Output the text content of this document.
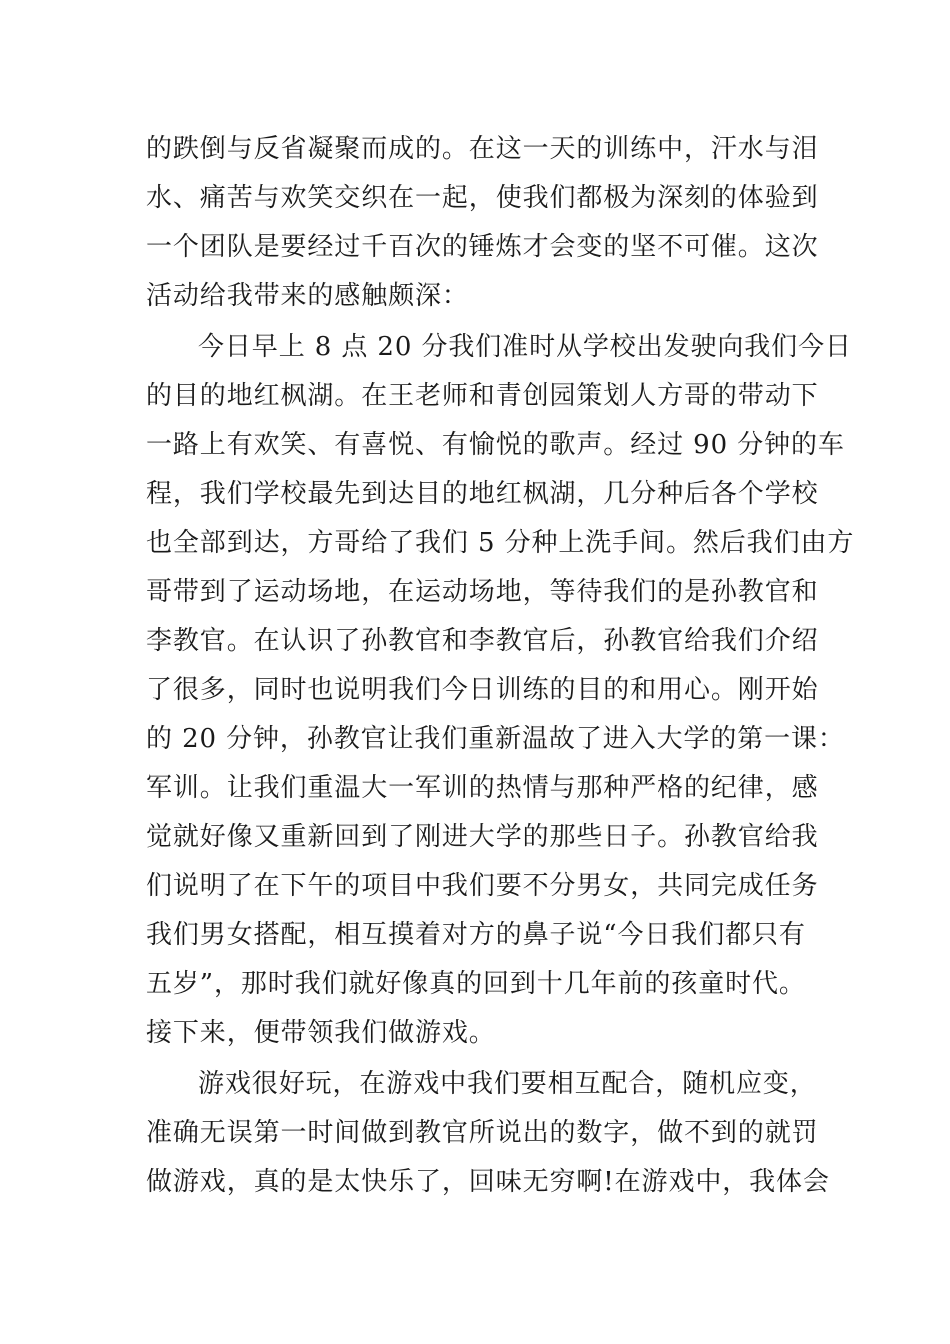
的跌倒与反省凝聚而成的。在这一天的训练中，汗水与泪
水、痛苦与欢笑交织在一起，使我们都极为深刻的体验到
一个团队是要经过千百次的锤炼才会变的坚不可催。这次
活动给我带来的感触颇深：
今日早上 8 点 20 分我们准时从学校出发驶向我们今日
的目的地红枫湖。在王老师和青创园策划人方哥的带动下
一路上有欢笑、有喜悦、有愉悦的歌声。经过 90 分钟的车
程，我们学校最先到达目的地红枫湖，几分种后各个学校
也全部到达，方哥给了我们 5 分种上洗手间。然后我们由方
哥带到了运动场地，在运动场地，等待我们的是孙教官和
李教官。在认识了孙教官和李教官后，孙教官给我们介绍
了很多，同时也说明我们今日训练的目的和用心。刚开始
的 20 分钟，孙教官让我们重新温故了进入大学的第一课：
军训。让我们重温大一军训的热情与那种严格的纪律，感
觉就好像又重新回到了刚进大学的那些日子。孙教官给我
们说明了在下午的项目中我们要不分男女，共同完成任务
我们男女搭配，相互摸着对方的鼻子说“今日我们都只有
五岁”，那时我们就好像真的回到十几年前的孩童时代。
接下来，便带领我们做游戏。
游戏很好玩，在游戏中我们要相互配合，随机应变，
准确无误第一时间做到教官所说出的数字，做不到的就罚
做游戏，真的是太快乐了，回味无穷啊!在游戏中，我体会
